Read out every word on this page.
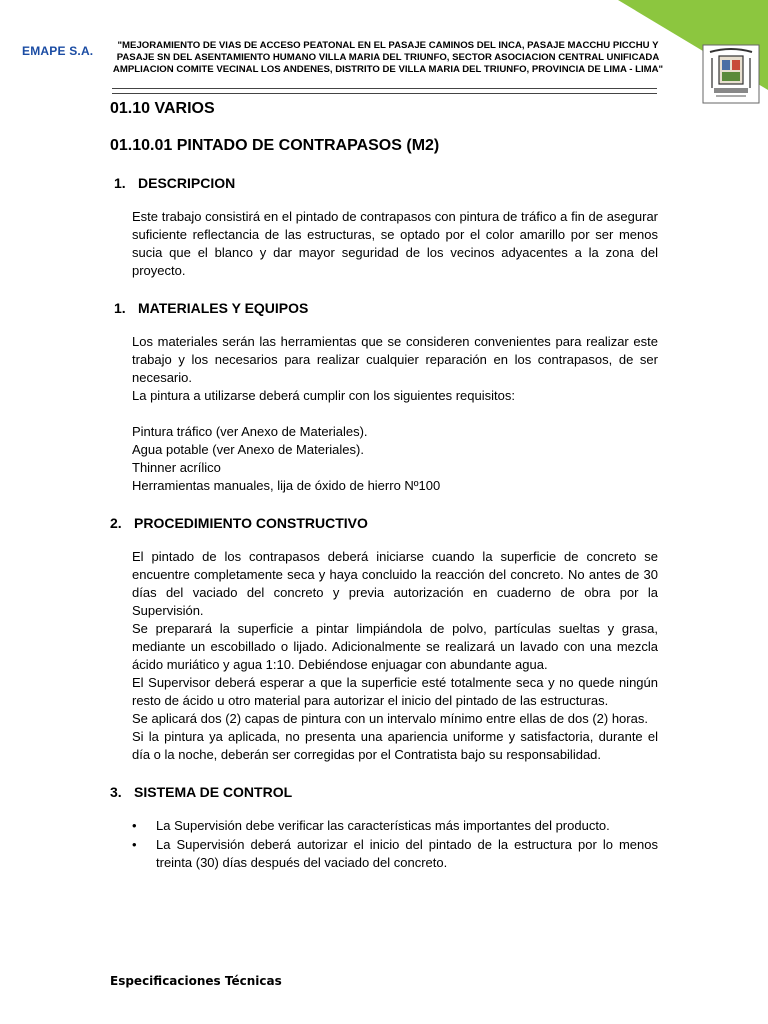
EMAPE S.A.	"MEJORAMIENTO DE VIAS DE ACCESO PEATONAL EN EL PASAJE CAMINOS DEL INCA, PASAJE MACCHU PICCHU Y PASAJE SN DEL ASENTAMIENTO HUMANO VILLA MARIA DEL TRIUNFO, SECTOR ASOCIACION CENTRAL UNIFICADA AMPLIACION COMITE VECINAL LOS ANDENES, DISTRITO DE VILLA MARIA DEL TRIUNFO, PROVINCIA DE LIMA - LIMA"
01.10 VARIOS
01.10.01 PINTADO DE CONTRAPASOS (M2)
1. DESCRIPCION

Este trabajo consistirá en el pintado de contrapasos con pintura de tráfico a fin de asegurar suficiente reflectancia de las estructuras, se optado por el color amarillo por ser menos sucia que el blanco y dar mayor seguridad de los vecinos adyacentes a la zona del proyecto.

1. MATERIALES Y EQUIPOS

Los materiales serán las herramientas que se consideren convenientes para realizar este trabajo y los necesarios para realizar cualquier reparación en los contrapasos, de ser necesario.

La pintura a utilizarse deberá cumplir con los siguientes requisitos:

Pintura tráfico (ver Anexo de Materiales).

Agua potable (ver Anexo de Materiales).

Thinner acrílico

Herramientas manuales, lija de óxido de hierro Nº100

2. PROCEDIMIENTO CONSTRUCTIVO

El pintado de los contrapasos deberá iniciarse cuando la superficie de concreto se encuentre completamente seca y haya concluido la reacción del concreto. No antes de 30 días del vaciado del concreto y previa autorización en cuaderno de obra por la Supervisión.

Se preparará la superficie a pintar limpiándola de polvo, partículas sueltas y grasa, mediante un escobillado o lijado. Adicionalmente se realizará un lavado con una mezcla ácido muriático y agua 1:10. Debiéndose enjuagar con abundante agua.

El Supervisor deberá esperar a que la superficie esté totalmente seca y no quede ningún resto de ácido u otro material para autorizar el inicio del pintado de las estructuras.

Se aplicará dos (2) capas de pintura con un intervalo mínimo entre ellas de dos (2) horas.

Si la pintura ya aplicada, no presenta una apariencia uniforme y satisfactoria, durante el día o la noche, deberán ser corregidas por el Contratista bajo su responsabilidad.

3. SISTEMA DE CONTROL
•	La Supervisión debe verificar las características más importantes del producto.
•	La Supervisión deberá autorizar el inicio del pintado de la estructura por lo menos treinta (30) días después del vaciado del concreto.
Especificaciones Técnicas
